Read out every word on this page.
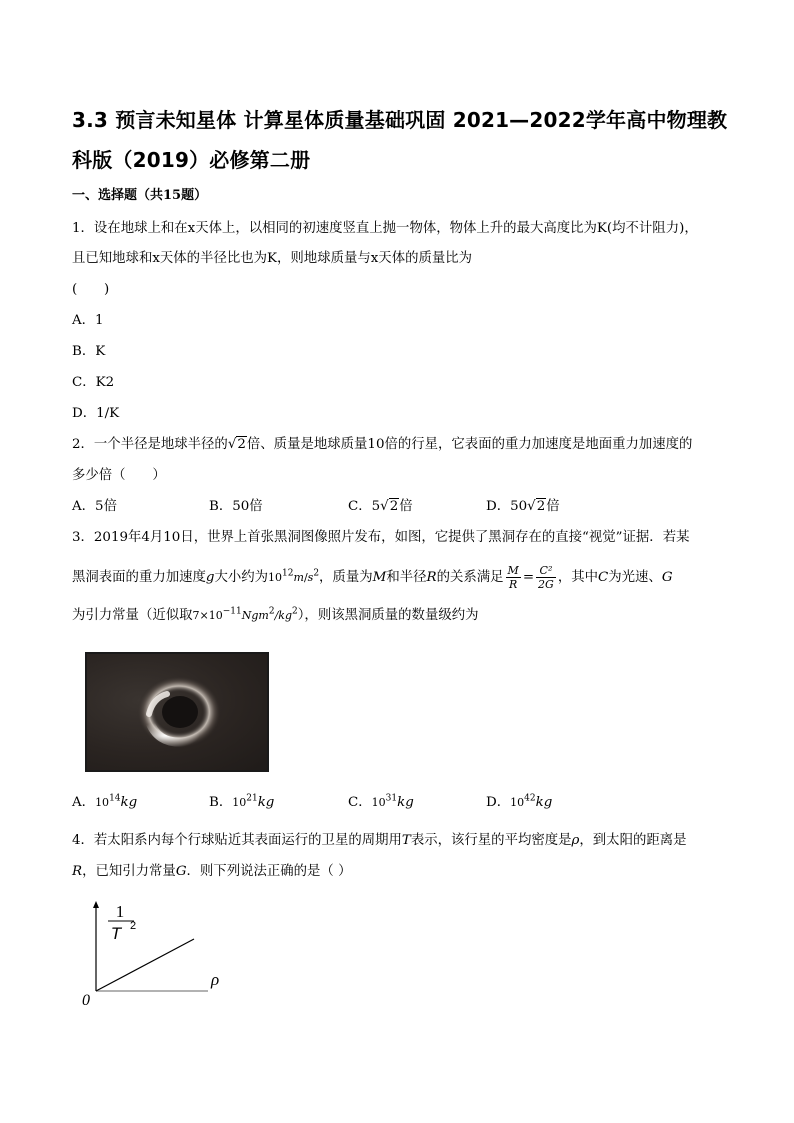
3.3 预言未知星体 计算星体质量基础巩固 2021—2022学年高中物理教科版（2019）必修第二册
一、选择题（共15题）
1．设在地球上和在x天体上，以相同的初速度竖直上抛一物体，物体上升的最大高度比为K(均不计阻力)，
且已知地球和x天体的半径比也为K，则地球质量与x天体的质量比为
(　　)
A．1
B．K
C．K2
D．1/K
2．一个半径是地球半径的√2倍、质量是地球质量10倍的行星，它表面的重力加速度是地面重力加速度的
多少倍（　　）
A．5倍	B．50倍	C．5√2倍	D．50√2倍
3．2019年4月10日，世界上首张黑洞图像照片发布，如图，它提供了黑洞存在的直接“视觉”证据．若某
黑洞表面的重力加速度g大小约为$10^{12}m/s^2$，质量为M和半径R的关系满足 $\frac{M}{R} = \frac{\text{C²}}{2G}$ ，其中C为光速、G
为引力常量（近似取$7\times 10^{-11}Ngm^2/kg^2$），则该黑洞质量的数量级约为
A．$10^{14}kg$	B．$10^{21}kg$	C．$10^{31}kg$	D．$10^{42}kg$
4．若太阳系内每个行球贴近其表面运行的卫星的周期用T表示，该行星的平均密度是ρ，到太阳的距离是
R，已知引力常量G．则下列说法正确的是（ ）
1
T 2
ρ
0
